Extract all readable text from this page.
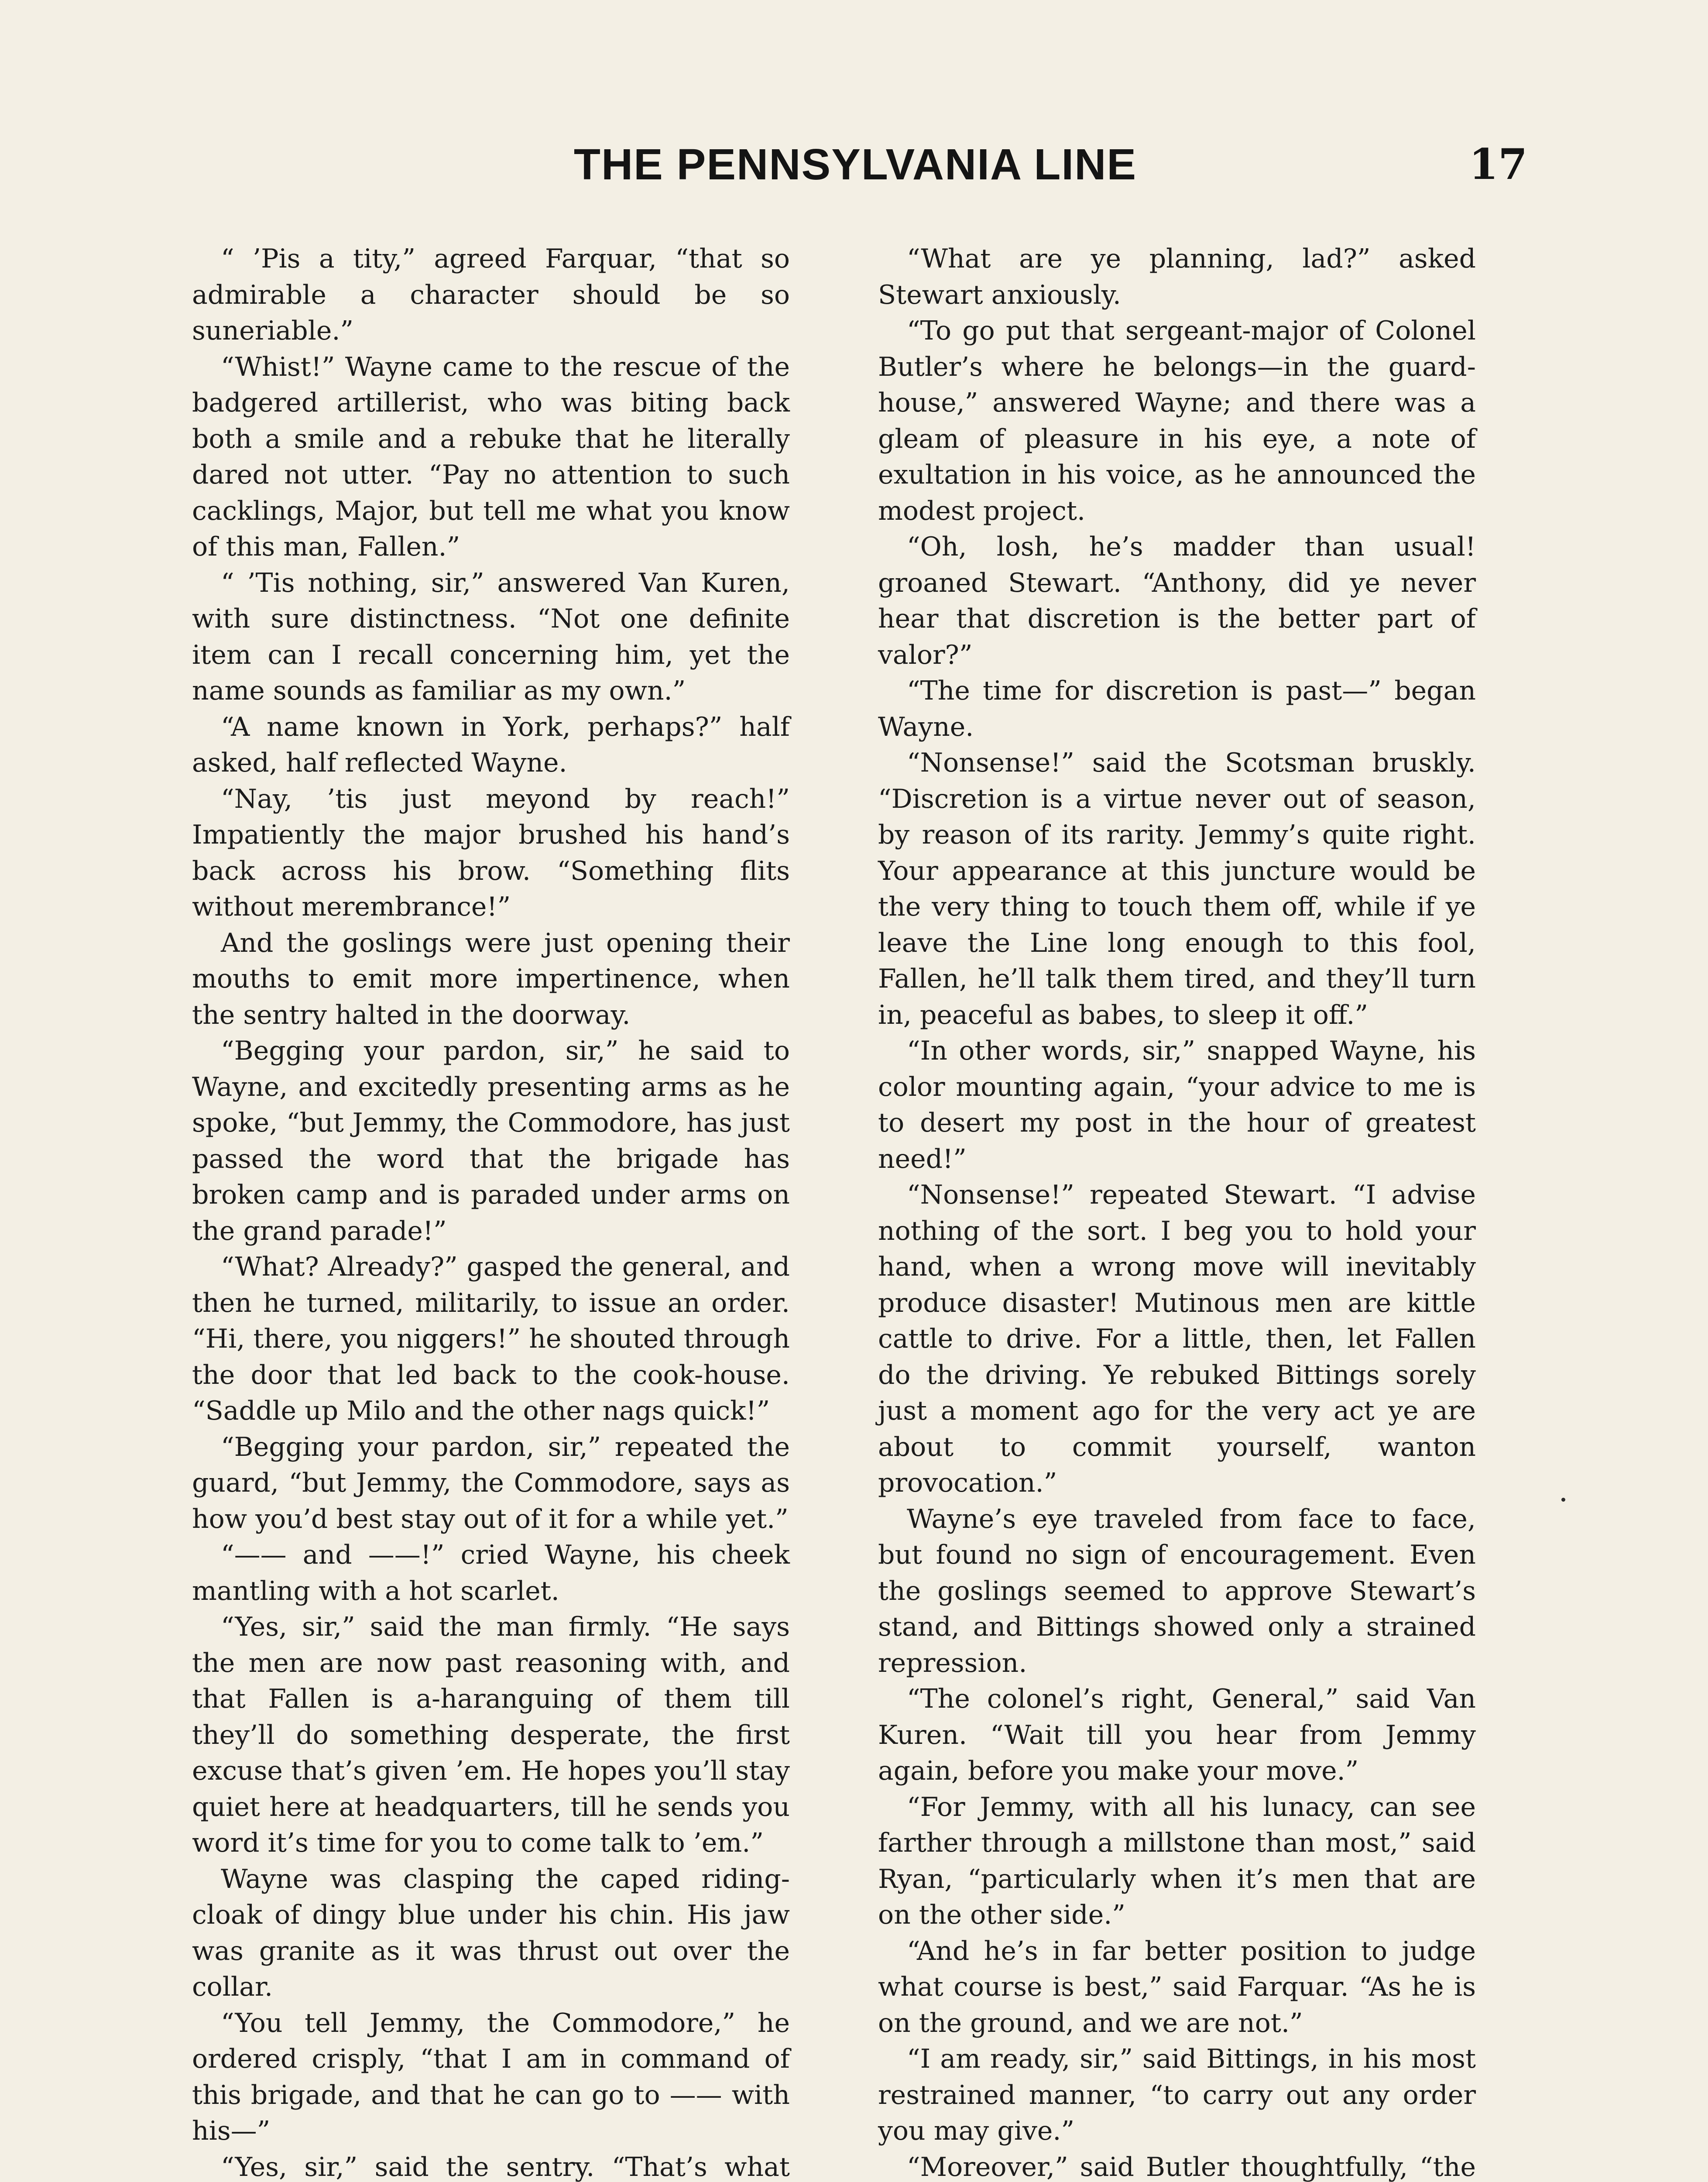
THE PENNSYLVANIA LINE	17

“ ’Pis a tity,” agreed Farquar, “that so admirable a character should be so suneriable.”

“Whist!” Wayne came to the rescue of the badgered artillerist, who was biting back both a smile and a rebuke that he literally dared not utter. “Pay no attention to such cacklings, Major, but tell me what you know of this man, Fallen.”

“ ’Tis nothing, sir,” answered Van Kuren, with sure distinctness. “Not one definite item can I recall concerning him, yet the name sounds as familiar as my own.”

“A name known in York, perhaps?” half asked, half reflected Wayne.

“Nay, ’tis just meyond by reach!” Impatiently the major brushed his hand’s back across his brow. “Something flits without merembrance!”

And the goslings were just opening their mouths to emit more impertinence, when the sentry halted in the doorway.

“Begging your pardon, sir,” he said to Wayne, and excitedly presenting arms as he spoke, “but Jemmy, the Commodore, has just passed the word that the brigade has broken camp and is paraded under arms on the grand parade!”

“What? Already?” gasped the general, and then he turned, militarily, to issue an order. “Hi, there, you niggers!” he shouted through the door that led back to the cook-house. “Saddle up Milo and the other nags quick!”

“Begging your pardon, sir,” repeated the guard, “but Jemmy, the Commodore, says as how you’d best stay out of it for a while yet.”

“—— and ——!” cried Wayne, his cheek mantling with a hot scarlet.

“Yes, sir,” said the man firmly. “He says the men are now past reasoning with, and that Fallen is a-haranguing of them till they’ll do something desperate, the first excuse that’s given ’em. He hopes you’ll stay quiet here at headquarters, till he sends you word it’s time for you to come talk to ’em.”

Wayne was clasping the caped riding-cloak of dingy blue under his chin. His jaw was granite as it was thrust out over the collar.

“You tell Jemmy, the Commodore,” he ordered crisply, “that I am in command of this brigade, and that he can go to —— with his—”

“Yes, sir,” said the sentry. “That’s what

“What are ye planning, lad?” asked Stewart anxiously.

“To go put that sergeant-major of Colonel Butler’s where he belongs—in the guard-house,” answered Wayne; and there was a gleam of pleasure in his eye, a note of exultation in his voice, as he announced the modest project.

“Oh, losh, he’s madder than usual! groaned Stewart. “Anthony, did ye never hear that discretion is the better part of valor?”

“The time for discretion is past—” began Wayne.

“Nonsense!” said the Scotsman bruskly. “Discretion is a virtue never out of season, by reason of its rarity. Jemmy’s quite right. Your appearance at this juncture would be the very thing to touch them off, while if ye leave the Line long enough to this fool, Fallen, he’ll talk them tired, and they’ll turn in, peaceful as babes, to sleep it off.”

“In other words, sir,” snapped Wayne, his color mounting again, “your advice to me is to desert my post in the hour of greatest need!”

“Nonsense!” repeated Stewart. “I advise nothing of the sort. I beg you to hold your hand, when a wrong move will inevitably produce disaster! Mutinous men are kittle cattle to drive. For a little, then, let Fallen do the driving. Ye rebuked Bittings sorely just a moment ago for the very act ye are about to commit yourself, wanton provocation.”

Wayne’s eye traveled from face to face, but found no sign of encouragement. Even the goslings seemed to approve Stewart’s stand, and Bittings showed only a strained repression.

“The colonel’s right, General,” said Van Kuren. “Wait till you hear from Jemmy again, before you make your move.”

“For Jemmy, with all his lunacy, can see farther through a millstone than most,” said Ryan, “particularly when it’s men that are on the other side.”

“And he’s in far better position to judge what course is best,” said Farquar. “As he is on the ground, and we are not.”

“I am ready, sir,” said Bittings, in his most restrained manner, “to carry out any order you may give.”

“Moreover,” said Butler thoughtfully, “the
